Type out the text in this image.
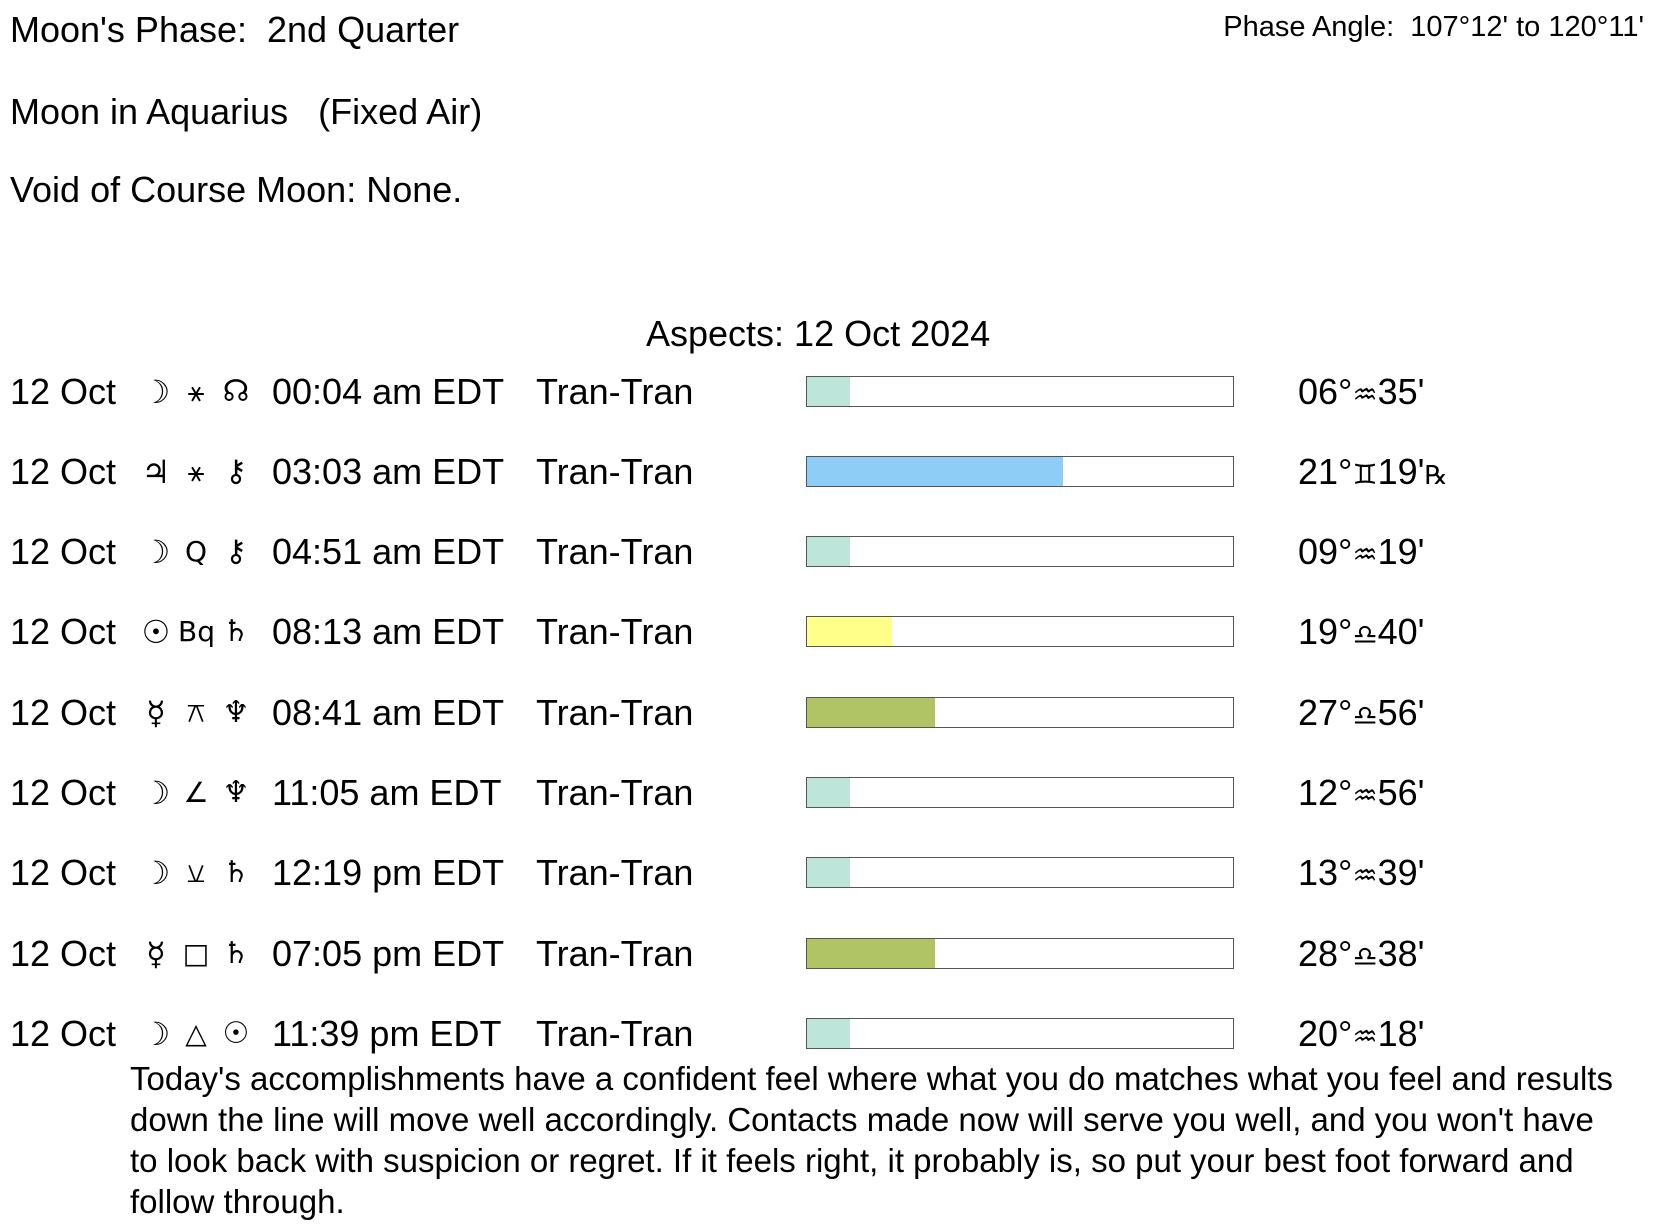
Moon's Phase:  2nd Quarter	Phase Angle:  107°12' to 120°11'
Moon in Aquarius   (Fixed Air)
Void of Course Moon: None.
Aspects: 12 Oct 2024
12 Oct ☽ ⚹ ☊ 00:04 am EDT Tran-Tran	06°♒35'
12 Oct ♃ ⚹ ⚷ 03:03 am EDT Tran-Tran	21°♊19'℞
12 Oct ☽ Q ⚷ 04:51 am EDT Tran-Tran	09°♒19'
12 Oct ☉ Bq ♄ 08:13 am EDT Tran-Tran	19°♎40'
12 Oct ☿ ⚻ ♆ 08:41 am EDT Tran-Tran	27°♎56'
12 Oct ☽ ∠ ♆ 11:05 am EDT Tran-Tran	12°♒56'
12 Oct ☽ ⚺ ♄ 12:19 pm EDT Tran-Tran	13°♒39'
12 Oct ☿ □ ♄ 07:05 pm EDT Tran-Tran	28°♎38'
12 Oct ☽ △ ☉ 11:39 pm EDT Tran-Tran	20°♒18'
Today's accomplishments have a confident feel where what you do matches what you feel and results down the line will move well accordingly. Contacts made now will serve you well, and you won't have to look back with suspicion or regret. If it feels right, it probably is, so put your best foot forward and follow through.
